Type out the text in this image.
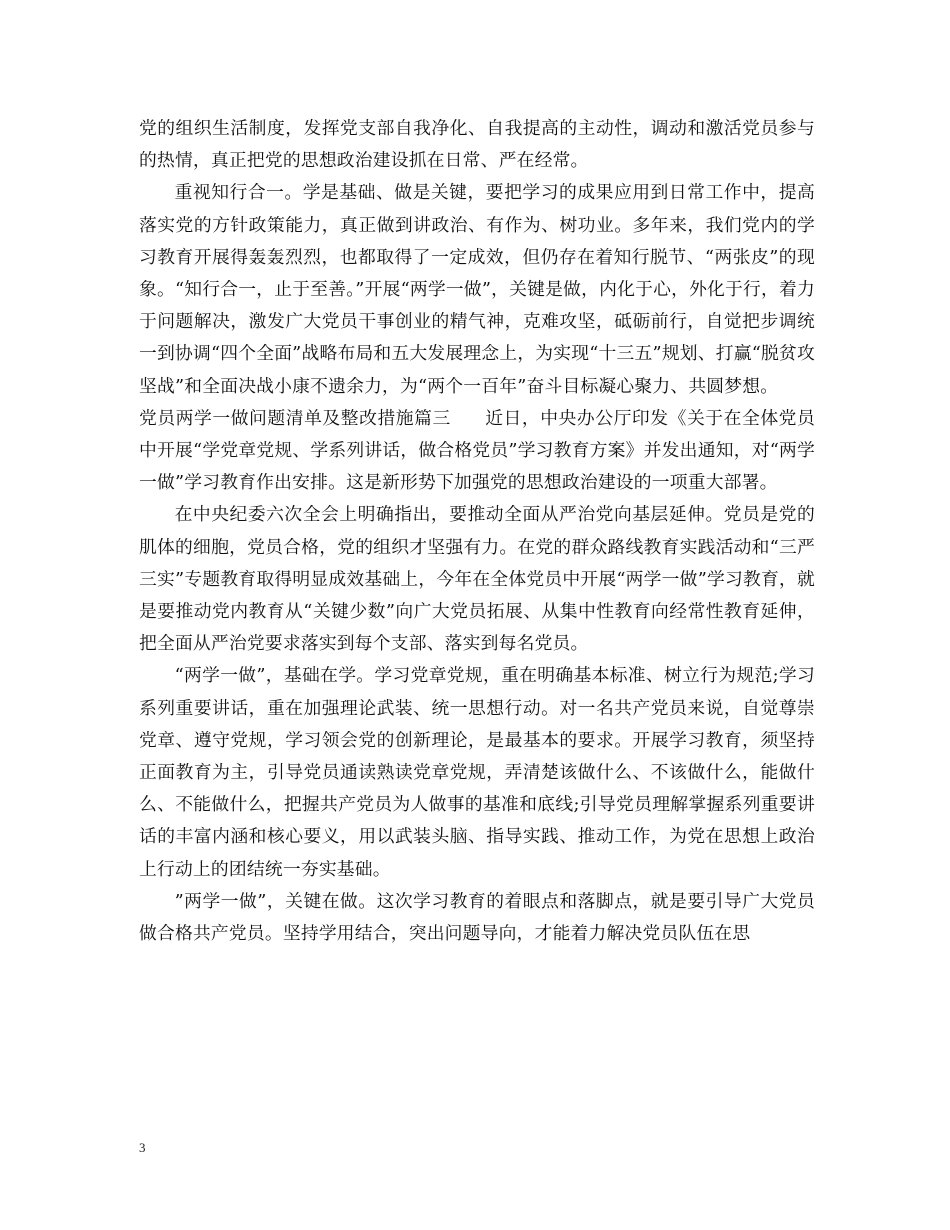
党的组织生活制度，发挥党支部自我净化、自我提高的主动性，调动和激活党员参与的热情，真正把党的思想政治建设抓在日常、严在经常。

重视知行合一。学是基础、做是关键，要把学习的成果应用到日常工作中，提高落实党的方针政策能力，真正做到讲政治、有作为、树功业。多年来，我们党内的学习教育开展得轰轰烈烈，也都取得了一定成效，但仍存在着知行脱节、“两张皮”的现象。“知行合一，止于至善。”开展“两学一做”，关键是做，内化于心，外化于行，着力于问题解决，激发广大党员干事创业的精气神，克难攻坚，砥砺前行，自觉把步调统一到协调“四个全面”战略布局和五大发展理念上，为实现“十三五”规划、打赢“脱贫攻坚战”和全面决战小康不遗余力，为“两个一百年”奋斗目标凝心聚力、共圆梦想。

党员两学一做问题清单及整改措施篇三 近日，中央办公厅印发《关于在全体党员中开展“学党章党规、学系列讲话，做合格党员”学习教育方案》并发出通知，对“两学一做”学习教育作出安排。这是新形势下加强党的思想政治建设的一项重大部署。

在中央纪委六次全会上明确指出，要推动全面从严治党向基层延伸。党员是党的肌体的细胞，党员合格，党的组织才坚强有力。在党的群众路线教育实践活动和“三严三实”专题教育取得明显成效基础上，今年在全体党员中开展“两学一做”学习教育，就是要推动党内教育从“关键少数”向广大党员拓展、从集中性教育向经常性教育延伸，把全面从严治党要求落实到每个支部、落实到每名党员。

“两学一做”，基础在学。学习党章党规，重在明确基本标准、树立行为规范;学习系列重要讲话，重在加强理论武装、统一思想行动。对一名共产党员来说，自觉尊崇党章、遵守党规，学习领会党的创新理论，是最基本的要求。开展学习教育，须坚持正面教育为主，引导党员通读熟读党章党规，弄清楚该做什么、不该做什么，能做什么、不能做什么，把握共产党员为人做事的基准和底线;引导党员理解掌握系列重要讲话的丰富内涵和核心要义，用以武装头脑、指导实践、推动工作，为党在思想上政治上行动上的团结统一夯实基础。

”两学一做”，关键在做。这次学习教育的着眼点和落脚点，就是要引导广大党员做合格共产党员。坚持学用结合，突出问题导向，才能着力解决党员队伍在思

3
